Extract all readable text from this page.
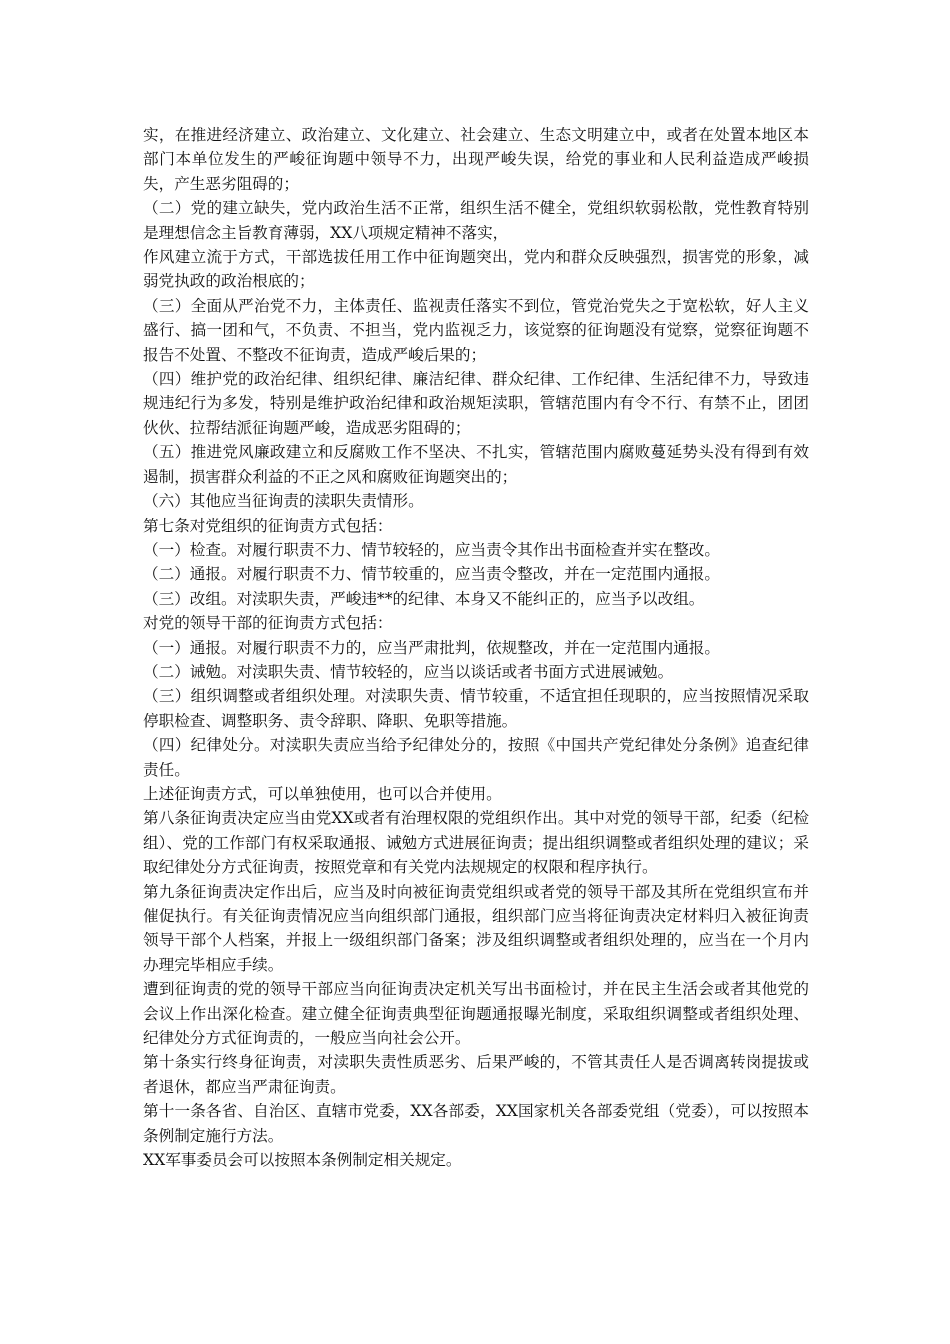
实，在推进经济建立、政治建立、文化建立、社会建立、生态文明建立中，或者在处置本地区本部门本单位发生的严峻征询题中领导不力，出现严峻失误，给党的事业和人民利益造成严峻损失，产生恶劣阻碍的；

（二）党的建立缺失，党内政治生活不正常，组织生活不健全，党组织软弱松散，党性教育特别是理想信念主旨教育薄弱，XX八项规定精神不落实，

作风建立流于方式，干部选拔任用工作中征询题突出，党内和群众反映强烈，损害党的形象，减弱党执政的政治根底的；

（三）全面从严治党不力，主体责任、监视责任落实不到位，管党治党失之于宽松软，好人主义盛行、搞一团和气，不负责、不担当，党内监视乏力，该觉察的征询题没有觉察，觉察征询题不报告不处置、不整改不征询责，造成严峻后果的；

（四）维护党的政治纪律、组织纪律、廉洁纪律、群众纪律、工作纪律、生活纪律不力，导致违规违纪行为多发，特别是维护政治纪律和政治规矩渎职，管辖范围内有令不行、有禁不止，团团伙伙、拉帮结派征询题严峻，造成恶劣阻碍的；

（五）推进党风廉政建立和反腐败工作不坚决、不扎实，管辖范围内腐败蔓延势头没有得到有效遏制，损害群众利益的不正之风和腐败征询题突出的；

（六）其他应当征询责的渎职失责情形。

第七条对党组织的征询责方式包括：

（一）检查。对履行职责不力、情节较轻的，应当责令其作出书面检查并实在整改。

（二）通报。对履行职责不力、情节较重的，应当责令整改，并在一定范围内通报。

（三）改组。对渎职失责，严峻违**的纪律、本身又不能纠正的，应当予以改组。

对党的领导干部的征询责方式包括：

（一）通报。对履行职责不力的，应当严肃批判，依规整改，并在一定范围内通报。

（二）诫勉。对渎职失责、情节较轻的，应当以谈话或者书面方式进展诫勉。

（三）组织调整或者组织处理。对渎职失责、情节较重，不适宜担任现职的，应当按照情况采取停职检查、调整职务、责令辞职、降职、免职等措施。

（四）纪律处分。对渎职失责应当给予纪律处分的，按照《中国共产党纪律处分条例》追查纪律责任。

上述征询责方式，可以单独使用，也可以合并使用。

第八条征询责决定应当由党XX或者有治理权限的党组织作出。其中对党的领导干部，纪委（纪检组）、党的工作部门有权采取通报、诫勉方式进展征询责；提出组织调整或者组织处理的建议；采取纪律处分方式征询责，按照党章和有关党内法规规定的权限和程序执行。

第九条征询责决定作出后，应当及时向被征询责党组织或者党的领导干部及其所在党组织宣布并催促执行。有关征询责情况应当向组织部门通报，组织部门应当将征询责决定材料归入被征询责领导干部个人档案，并报上一级组织部门备案；涉及组织调整或者组织处理的，应当在一个月内办理完毕相应手续。

遭到征询责的党的领导干部应当向征询责决定机关写出书面检讨，并在民主生活会或者其他党的会议上作出深化检查。建立健全征询责典型征询题通报曝光制度，采取组织调整或者组织处理、纪律处分方式征询责的，一般应当向社会公开。

第十条实行终身征询责，对渎职失责性质恶劣、后果严峻的，不管其责任人是否调离转岗提拔或者退休，都应当严肃征询责。

第十一条各省、自治区、直辖市党委，XX各部委，XX国家机关各部委党组（党委），可以按照本条例制定施行方法。

XX军事委员会可以按照本条例制定相关规定。
